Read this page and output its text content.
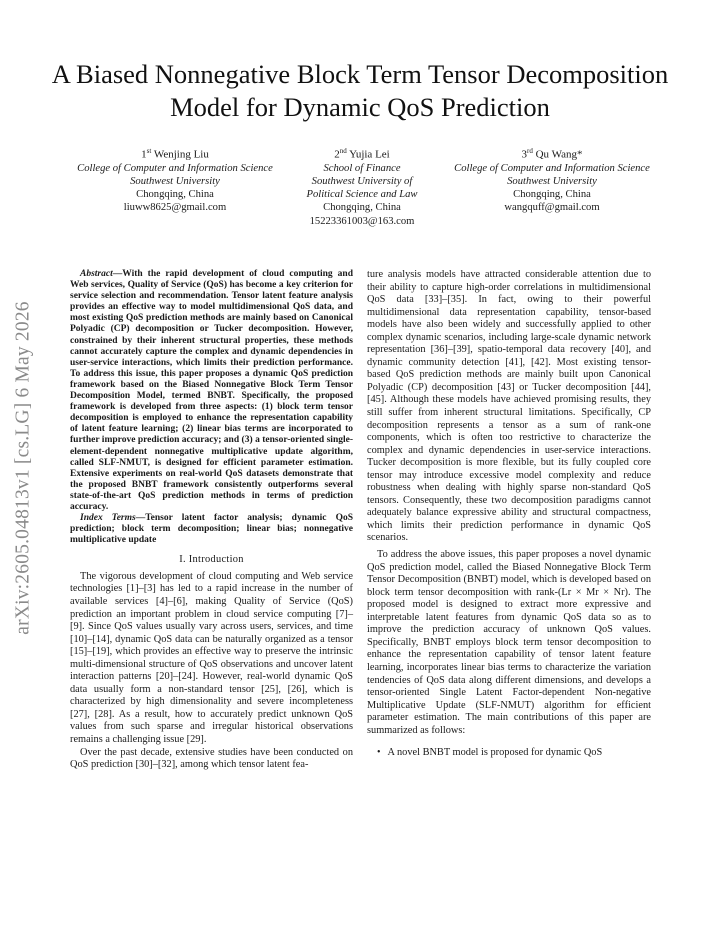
arXiv:2605.04813v1 [cs.LG] 6 May 2026
A Biased Nonnegative Block Term Tensor Decomposition Model for Dynamic QoS Prediction
1st Wenjing Liu
College of Computer and Information Science
Southwest University
Chongqing, China
liuww8625@gmail.com
2nd Yujia Lei
School of Finance
Southwest University of
Political Science and Law
Chongqing, China
15223361003@163.com
3rd Qu Wang*
College of Computer and Information Science
Southwest University
Chongqing, China
wangquff@gmail.com

Abstract—With the rapid development of cloud computing and Web services, Quality of Service (QoS) has become a key criterion for service selection and recommendation. Tensor latent feature analysis provides an effective way to model multidimensional QoS data, and most existing QoS prediction methods are mainly based on Canonical Polyadic (CP) decomposition or Tucker decomposition. However, constrained by their inherent structural properties, these methods cannot accurately capture the complex and dynamic dependencies in user-service interactions, which limits their prediction performance. To address this issue, this paper proposes a dynamic QoS prediction framework based on the Biased Nonnegative Block Term Tensor Decomposition Model, termed BNBT. Specifically, the proposed framework is developed from three aspects: (1) block term tensor decomposition is employed to enhance the representation capability of latent feature learning; (2) linear bias terms are incorporated to further improve prediction accuracy; and (3) a tensor-oriented single-element-dependent nonnegative multiplicative update algorithm, called SLF-NMUT, is designed for efficient parameter estimation. Extensive experiments on real-world QoS datasets demonstrate that the proposed BNBT framework consistently outperforms several state-of-the-art QoS prediction methods in terms of prediction accuracy.

Index Terms—Tensor latent factor analysis; dynamic QoS prediction; block term decomposition; linear bias; nonnegative multiplicative update

I. Introduction

The vigorous development of cloud computing and Web service technologies [1]–[3] has led to a rapid increase in the number of available services [4]–[6], making Quality of Service (QoS) prediction an important problem in cloud service computing [7]–[9]. Since QoS values usually vary across users, services, and time [10]–[14], dynamic QoS data can be naturally organized as a tensor [15]–[19], which provides an effective way to preserve the intrinsic multi-dimensional structure of QoS observations and uncover latent interaction patterns [20]–[24]. However, real-world dynamic QoS data usually form a non-standard tensor [25], [26], which is characterized by high dimensionality and severe incompleteness [27], [28]. As a result, how to accurately predict unknown QoS values from such sparse and irregular historical observations remains a challenging issue [29].

Over the past decade, extensive studies have been conducted on QoS prediction [30]–[32], among which tensor latent fea-

ture analysis models have attracted considerable attention due to their ability to capture high-order correlations in multidimensional QoS data [33]–[35]. In fact, owing to their powerful multidimensional data representation capability, tensor-based models have also been widely and successfully applied to other complex dynamic scenarios, including large-scale dynamic network representation [36]–[39], spatio-temporal data recovery [40], and dynamic community detection [41], [42]. Most existing tensor-based QoS prediction methods are mainly built upon Canonical Polyadic (CP) decomposition [43] or Tucker decomposition [44], [45]. Although these models have achieved promising results, they still suffer from inherent structural limitations. Specifically, CP decomposition represents a tensor as a sum of rank-one components, which is often too restrictive to characterize the complex and dynamic dependencies in user-service interactions. Tucker decomposition is more flexible, but its fully coupled core tensor may introduce excessive model complexity and reduce robustness when dealing with highly sparse non-standard QoS tensors. Consequently, these two decomposition paradigms cannot adequately balance expressive ability and structural compactness, which limits their prediction performance in dynamic QoS scenarios.

To address the above issues, this paper proposes a novel dynamic QoS prediction model, called the Biased Nonnegative Block Term Tensor Decomposition (BNBT) model, which is developed based on block term tensor decomposition with rank-(Lr × Mr × Nr). The proposed model is designed to extract more expressive and interpretable latent features from dynamic QoS data so as to improve the prediction accuracy of unknown QoS values. Specifically, BNBT employs block term tensor decomposition to enhance the representation capability of tensor latent feature learning, incorporates linear bias terms to characterize the variation tendencies of QoS data along different dimensions, and develops a tensor-oriented Single Latent Factor-dependent Non-negative Multiplicative Update (SLF-NMUT) algorithm for efficient parameter estimation. The main contributions of this paper are summarized as follows:

• A novel BNBT model is proposed for dynamic QoS
